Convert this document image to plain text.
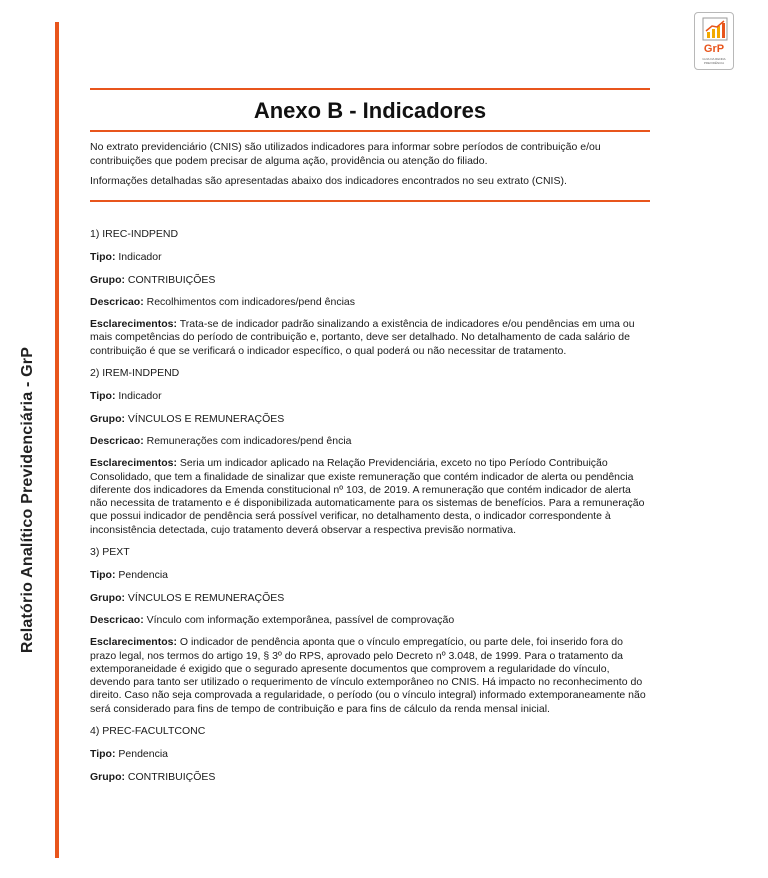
Relatório Analítico Previdenciária - GrP
GrP
GUIA DA RENDA PREVIDÊNCIA
Anexo B - Indicadores

No extrato previdenciário (CNIS) são utilizados indicadores para informar sobre períodos de contribuição e/ou contribuições que podem precisar de alguma ação, providência ou atenção do filiado.

Informações detalhadas são apresentadas abaixo dos indicadores encontrados no seu extrato (CNIS).

1) IREC-INDPEND

Tipo: Indicador

Grupo: CONTRIBUIÇÕES

Descricao: Recolhimentos com indicadores/pend ências

Esclarecimentos: Trata-se de indicador padrão sinalizando a existência de indicadores e/ou pendências em uma ou mais competências do período de contribuição e, portanto, deve ser detalhado. No detalhamento de cada salário de contribuição é que se verificará o indicador específico, o qual poderá ou não necessitar de tratamento.

2) IREM-INDPEND

Tipo: Indicador

Grupo: VÍNCULOS E REMUNERAÇÕES

Descricao: Remunerações com indicadores/pend ência

Esclarecimentos: Seria um indicador aplicado na Relação Previdenciária, exceto no tipo Período Contribuição Consolidado, que tem a finalidade de sinalizar que existe remuneração que contém indicador de alerta ou pendência diferente dos indicadores da Emenda constitucional nº 103, de 2019. A remuneração que contém indicador de alerta não necessita de tratamento e é disponibilizada automaticamente para os sistemas de benefícios. Para a remuneração que possui indicador de pendência será possível verificar, no detalhamento desta, o indicador correspondente à inconsistência detectada, cujo tratamento deverá observar a respectiva previsão normativa.

3) PEXT

Tipo: Pendencia

Grupo: VÍNCULOS E REMUNERAÇÕES

Descricao: Vínculo com informação extemporânea, passível de comprovação

Esclarecimentos: O indicador de pendência aponta que o vínculo empregatício, ou parte dele, foi inserido fora do prazo legal, nos termos do artigo 19, § 3º do RPS, aprovado pelo Decreto nº 3.048, de 1999. Para o tratamento da extemporaneidade é exigido que o segurado apresente documentos que comprovem a regularidade do vínculo, devendo para tanto ser utilizado o requerimento de vínculo extemporâneo no CNIS. Há impacto no reconhecimento do direito. Caso não seja comprovada a regularidade, o período (ou o vínculo integral) informado extemporaneamente não será considerado para fins de tempo de contribuição e para fins de cálculo da renda mensal inicial.

4) PREC-FACULTCONC

Tipo: Pendencia

Grupo: CONTRIBUIÇÕES
